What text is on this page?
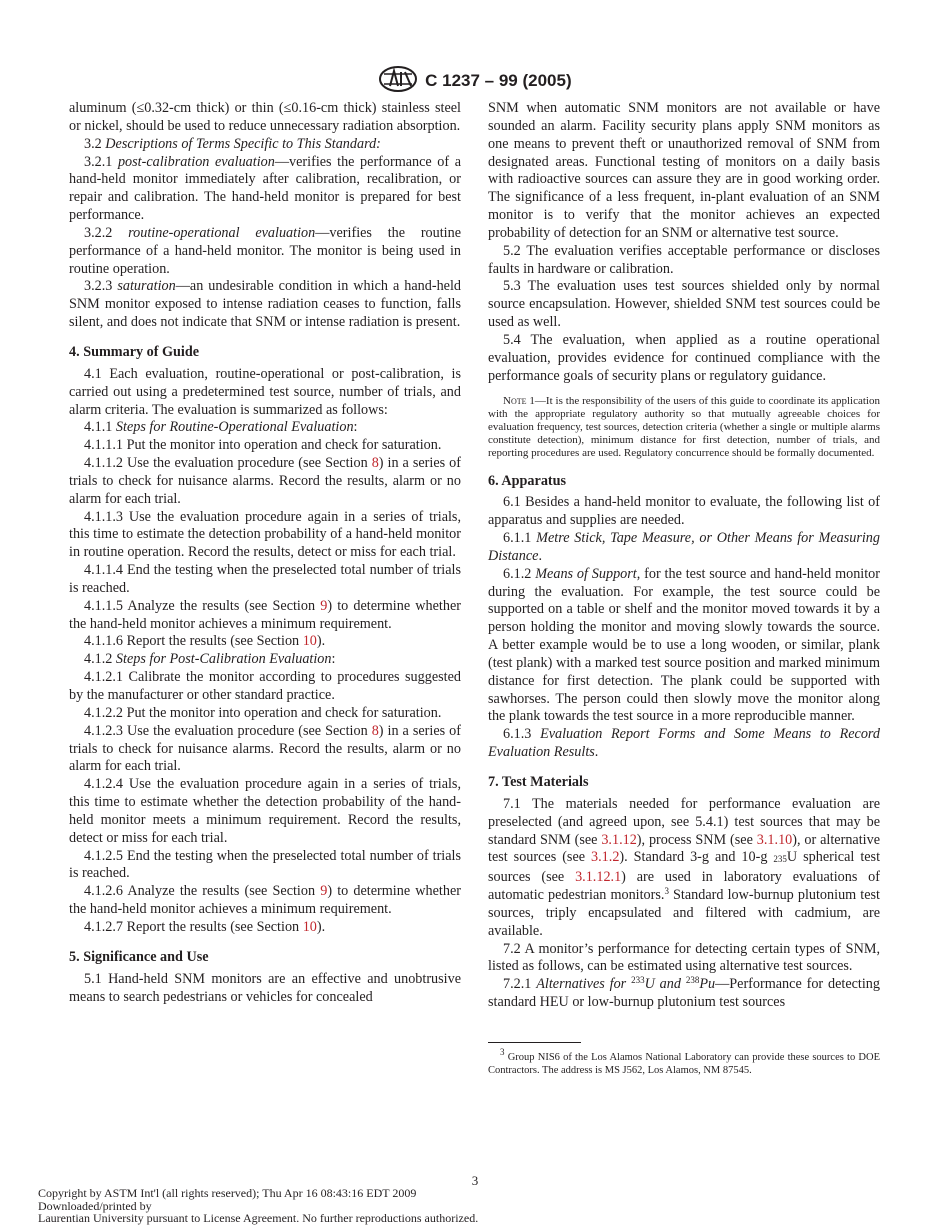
C 1237 – 99 (2005)

aluminum (≤0.32-cm thick) or thin (≤0.16-cm thick) stainless steel or nickel, should be used to reduce unnecessary radiation absorption.

3.2 Descriptions of Terms Specific to This Standard:

3.2.1 post-calibration evaluation—verifies the performance of a hand-held monitor immediately after calibration, recalibration, or repair and calibration. The hand-held monitor is prepared for best performance.

3.2.2 routine-operational evaluation—verifies the routine performance of a hand-held monitor. The monitor is being used in routine operation.

3.2.3 saturation—an undesirable condition in which a hand-held SNM monitor exposed to intense radiation ceases to function, falls silent, and does not indicate that SNM or intense radiation is present.

4. Summary of Guide

4.1 Each evaluation, routine-operational or post-calibration, is carried out using a predetermined test source, number of trials, and alarm criteria. The evaluation is summarized as follows:

4.1.1 Steps for Routine-Operational Evaluation:

4.1.1.1 Put the monitor into operation and check for saturation.

4.1.1.2 Use the evaluation procedure (see Section 8) in a series of trials to check for nuisance alarms. Record the results, alarm or no alarm for each trial.

4.1.1.3 Use the evaluation procedure again in a series of trials, this time to estimate the detection probability of a hand-held monitor in routine operation. Record the results, detect or miss for each trial.

4.1.1.4 End the testing when the preselected total number of trials is reached.

4.1.1.5 Analyze the results (see Section 9) to determine whether the hand-held monitor achieves a minimum requirement.

4.1.1.6 Report the results (see Section 10).

4.1.2 Steps for Post-Calibration Evaluation:

4.1.2.1 Calibrate the monitor according to procedures suggested by the manufacturer or other standard practice.

4.1.2.2 Put the monitor into operation and check for saturation.

4.1.2.3 Use the evaluation procedure (see Section 8) in a series of trials to check for nuisance alarms. Record the results, alarm or no alarm for each trial.

4.1.2.4 Use the evaluation procedure again in a series of trials, this time to estimate whether the detection probability of the hand-held monitor meets a minimum requirement. Record the results, detect or miss for each trial.

4.1.2.5 End the testing when the preselected total number of trials is reached.

4.1.2.6 Analyze the results (see Section 9) to determine whether the hand-held monitor achieves a minimum requirement.

4.1.2.7 Report the results (see Section 10).

5. Significance and Use

5.1 Hand-held SNM monitors are an effective and unobtrusive means to search pedestrians or vehicles for concealed

SNM when automatic SNM monitors are not available or have sounded an alarm. Facility security plans apply SNM monitors as one means to prevent theft or unauthorized removal of SNM from designated areas. Functional testing of monitors on a daily basis with radioactive sources can assure they are in good working order. The significance of a less frequent, in-plant evaluation of an SNM monitor is to verify that the monitor achieves an expected probability of detection for an SNM or alternative test source.

5.2 The evaluation verifies acceptable performance or discloses faults in hardware or calibration.

5.3 The evaluation uses test sources shielded only by normal source encapsulation. However, shielded SNM test sources could be used as well.

5.4 The evaluation, when applied as a routine operational evaluation, provides evidence for continued compliance with the performance goals of security plans or regulatory guidance.

Note 1—It is the responsibility of the users of this guide to coordinate its application with the appropriate regulatory authority so that mutually agreeable choices for evaluation frequency, test sources, detection criteria (whether a single or multiple alarms constitute detection), minimum distance for first detection, number of trials, and reporting procedures are used. Regulatory concurrence should be formally documented.
6. Apparatus

6.1 Besides a hand-held monitor to evaluate, the following list of apparatus and supplies are needed.

6.1.1 Metre Stick, Tape Measure, or Other Means for Measuring Distance.

6.1.2 Means of Support, for the test source and hand-held monitor during the evaluation. For example, the test source could be supported on a table or shelf and the monitor moved towards it by a person holding the monitor and moving slowly towards the source. A better example would be to use a long wooden, or similar, plank (test plank) with a marked test source position and marked minimum distance for first detection. The plank could be supported with sawhorses. The person could then slowly move the monitor along the plank towards the test source in a more reproducible manner.

6.1.3 Evaluation Report Forms and Some Means to Record Evaluation Results.

7. Test Materials

7.1 The materials needed for performance evaluation are preselected (and agreed upon, see 5.4.1) test sources that may be standard SNM (see 3.1.12), process SNM (see 3.1.10), or alternative test sources (see 3.1.2). Standard 3-g and 10-g 235U spherical test sources (see 3.1.12.1) are used in laboratory evaluations of automatic pedestrian monitors.$^3$ Standard low-burnup plutonium test sources, triply encapsulated and filtered with cadmium, are available.

7.2 A monitor’s performance for detecting certain types of SNM, listed as follows, can be estimated using alternative test sources.

7.2.1 Alternatives for $^{233}$U and $^{238}$Pu—Performance for detecting standard HEU or low-burnup plutonium test sources

$^3$ Group NIS6 of the Los Alamos National Laboratory can provide these sources to DOE Contractors. The address is MS J562, Los Alamos, NM 87545.
3
Copyright by ASTM Int'l (all rights reserved); Thu Apr 16 08:43:16 EDT 2009
Downloaded/printed by
Laurentian University pursuant to License Agreement. No further reproductions authorized.
